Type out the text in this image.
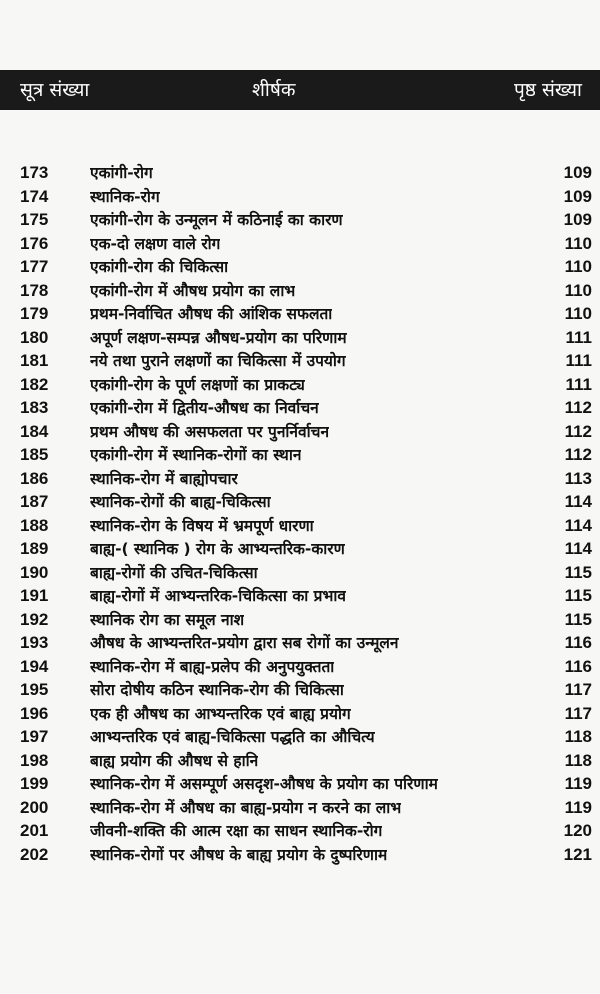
सूत्र संख्या	शीर्षक	पृष्ठ संख्या
173	एकांगी-रोग	109
174	स्थानिक-रोग	109
175	एकांगी-रोग के उन्मूलन में कठिनाई का कारण	109
176	एक-दो लक्षण वाले रोग	110
177	एकांगी-रोग की चिकित्सा	110
178	एकांगी-रोग में औषध प्रयोग का लाभ	110
179	प्रथम-निर्वाचित औषध की आंशिक सफलता	110
180	अपूर्ण लक्षण-सम्पन्न औषध-प्रयोग का परिणाम	111
181	नये तथा पुराने लक्षणों का चिकित्सा में उपयोग	111
182	एकांगी-रोग के पूर्ण लक्षणों का प्राकट्य	111
183	एकांगी-रोग में द्वितीय-औषध का निर्वाचन	112
184	प्रथम औषध की असफलता पर पुनर्निर्वाचन	112
185	एकांगी-रोग में स्थानिक-रोगों का स्थान	112
186	स्थानिक-रोग में बाह्योपचार	113
187	स्थानिक-रोगों की बाह्य-चिकित्सा	114
188	स्थानिक-रोग के विषय में भ्रमपूर्ण धारणा	114
189	बाह्य-( स्थानिक ) रोग के आभ्यन्तरिक-कारण	114
190	बाह्य-रोगों की उचित-चिकित्सा	115
191	बाह्य-रोगों में आभ्यन्तरिक-चिकित्सा का प्रभाव	115
192	स्थानिक रोग का समूल नाश	115
193	औषध के आभ्यन्तरित-प्रयोग द्वारा सब रोगों का उन्मूलन	116
194	स्थानिक-रोग में बाह्य-प्रलेप की अनुपयुक्तता	116
195	सोरा दोषीय कठिन स्थानिक-रोग की चिकित्सा	117
196	एक ही औषध का आभ्यन्तरिक एवं बाह्य प्रयोग	117
197	आभ्यन्तरिक एवं बाह्य-चिकित्सा पद्धति का औचित्य	118
198	बाह्य प्रयोग की औषध से हानि	118
199	स्थानिक-रोग में असम्पूर्ण असदृश-औषध के प्रयोग का परिणाम	119
200	स्थानिक-रोग में औषध का बाह्य-प्रयोग न करने का लाभ	119
201	जीवनी-शक्ति की आत्म रक्षा का साधन स्थानिक-रोग	120
202	स्थानिक-रोगों पर औषध के बाह्य प्रयोग के दुष्परिणाम	121
